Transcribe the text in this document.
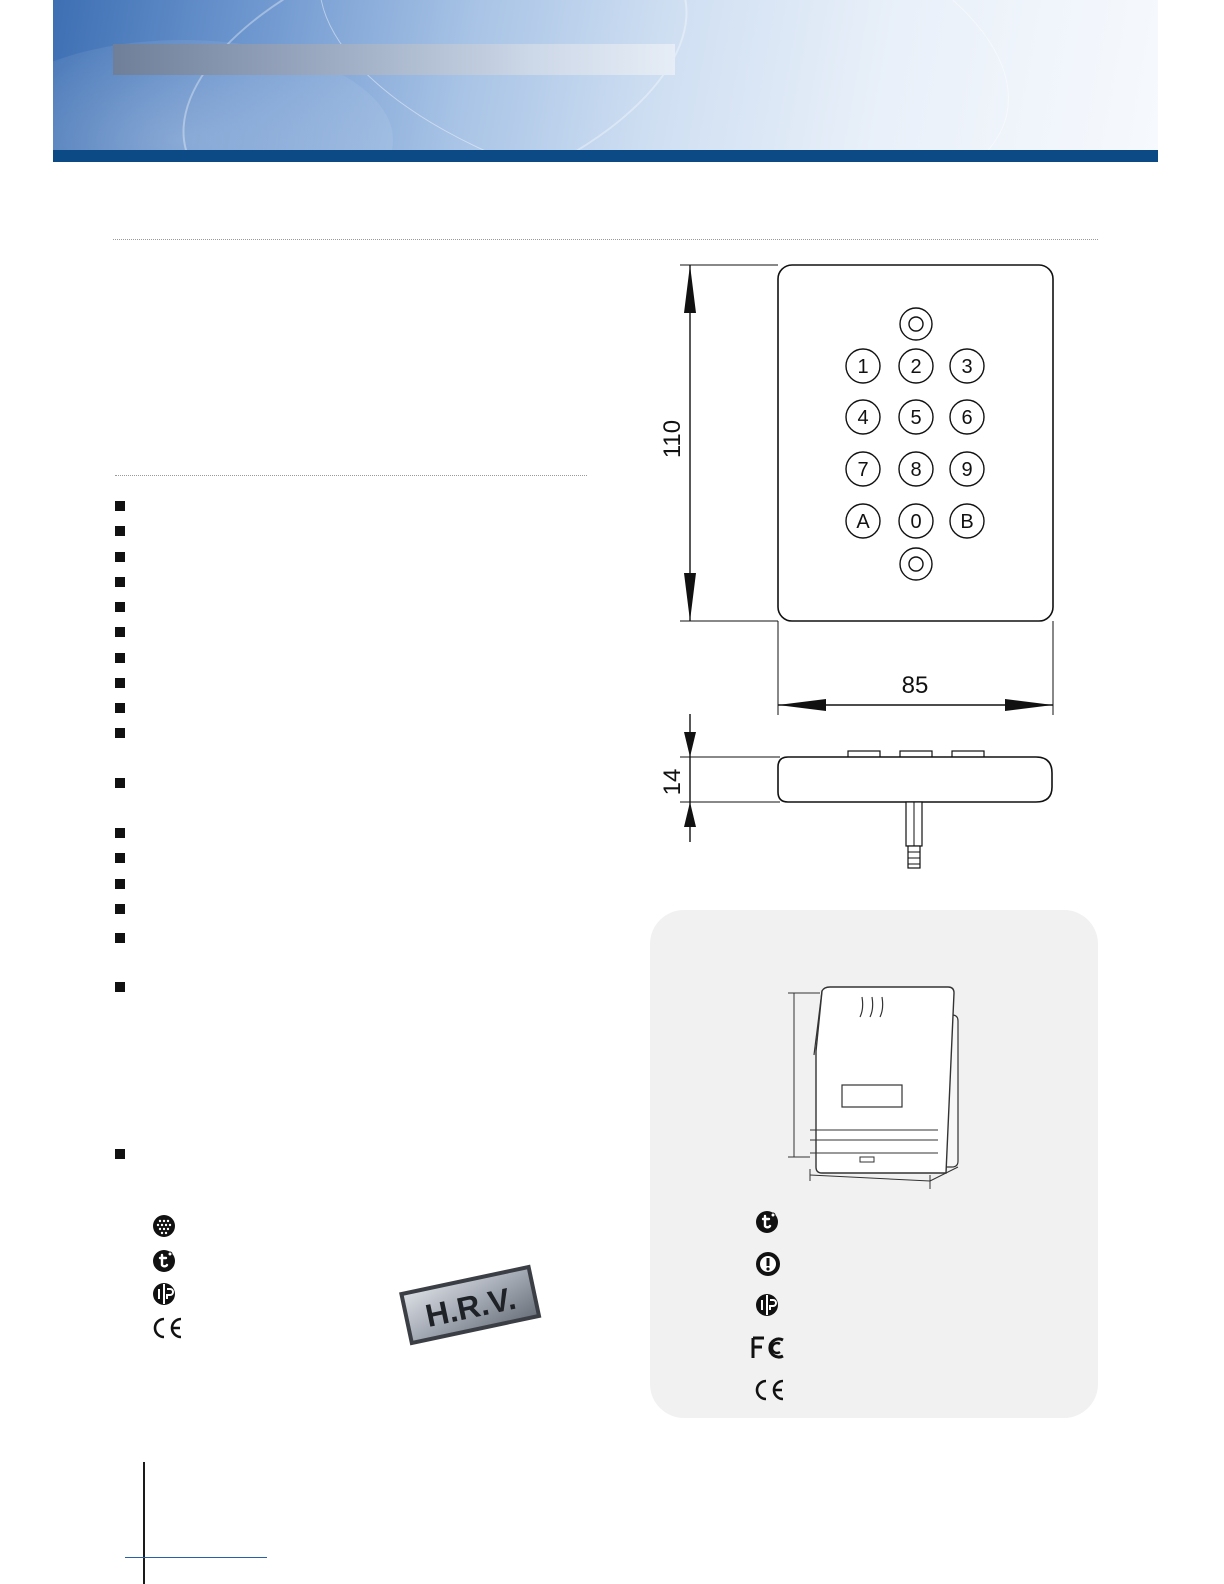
H.R.V.
1 2 3
4 5 6
7 8 9
A 0 B
110
85
14
